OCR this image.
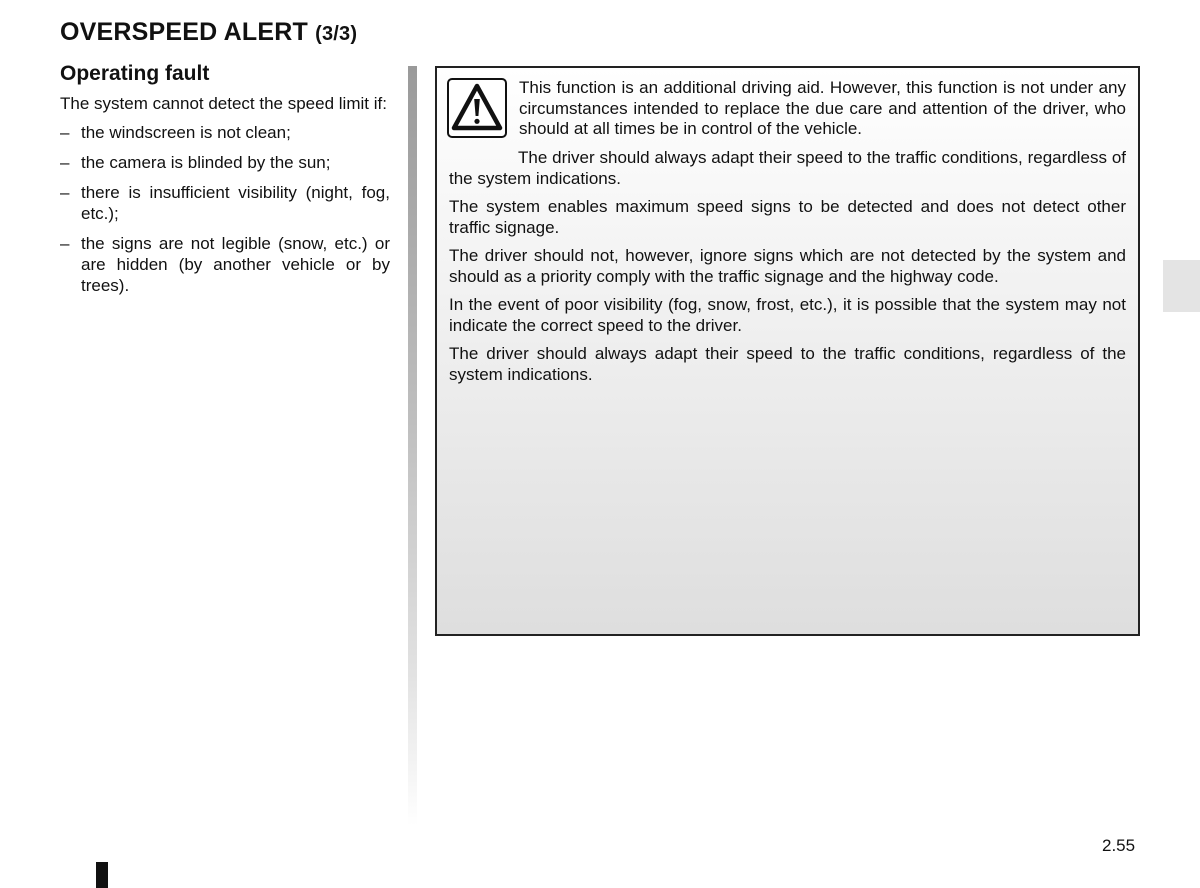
OVERSPEED ALERT (3/3)
Operating fault

The system cannot detect the speed limit if:

– the windscreen is not clean;
– the camera is blinded by the sun;
– there is insufficient visibility (night, fog, etc.);
– the signs are not legible (snow, etc.) or are hidden (by another vehicle or by trees).

This function is an additional driving aid. However, this function is not under any circumstances intended to replace the due care and attention of the driver, who should at all times be in control of the vehicle.

The driver should always adapt their speed to the traffic conditions, regardless of the system indications.

The system enables maximum speed signs to be detected and does not detect other traffic signage.

The driver should not, however, ignore signs which are not detected by the system and should as a priority comply with the traffic signage and the highway code.

In the event of poor visibility (fog, snow, frost, etc.), it is possible that the system may not indicate the correct speed to the driver.

The driver should always adapt their speed to the traffic conditions, regardless of the system indications.

2.55
